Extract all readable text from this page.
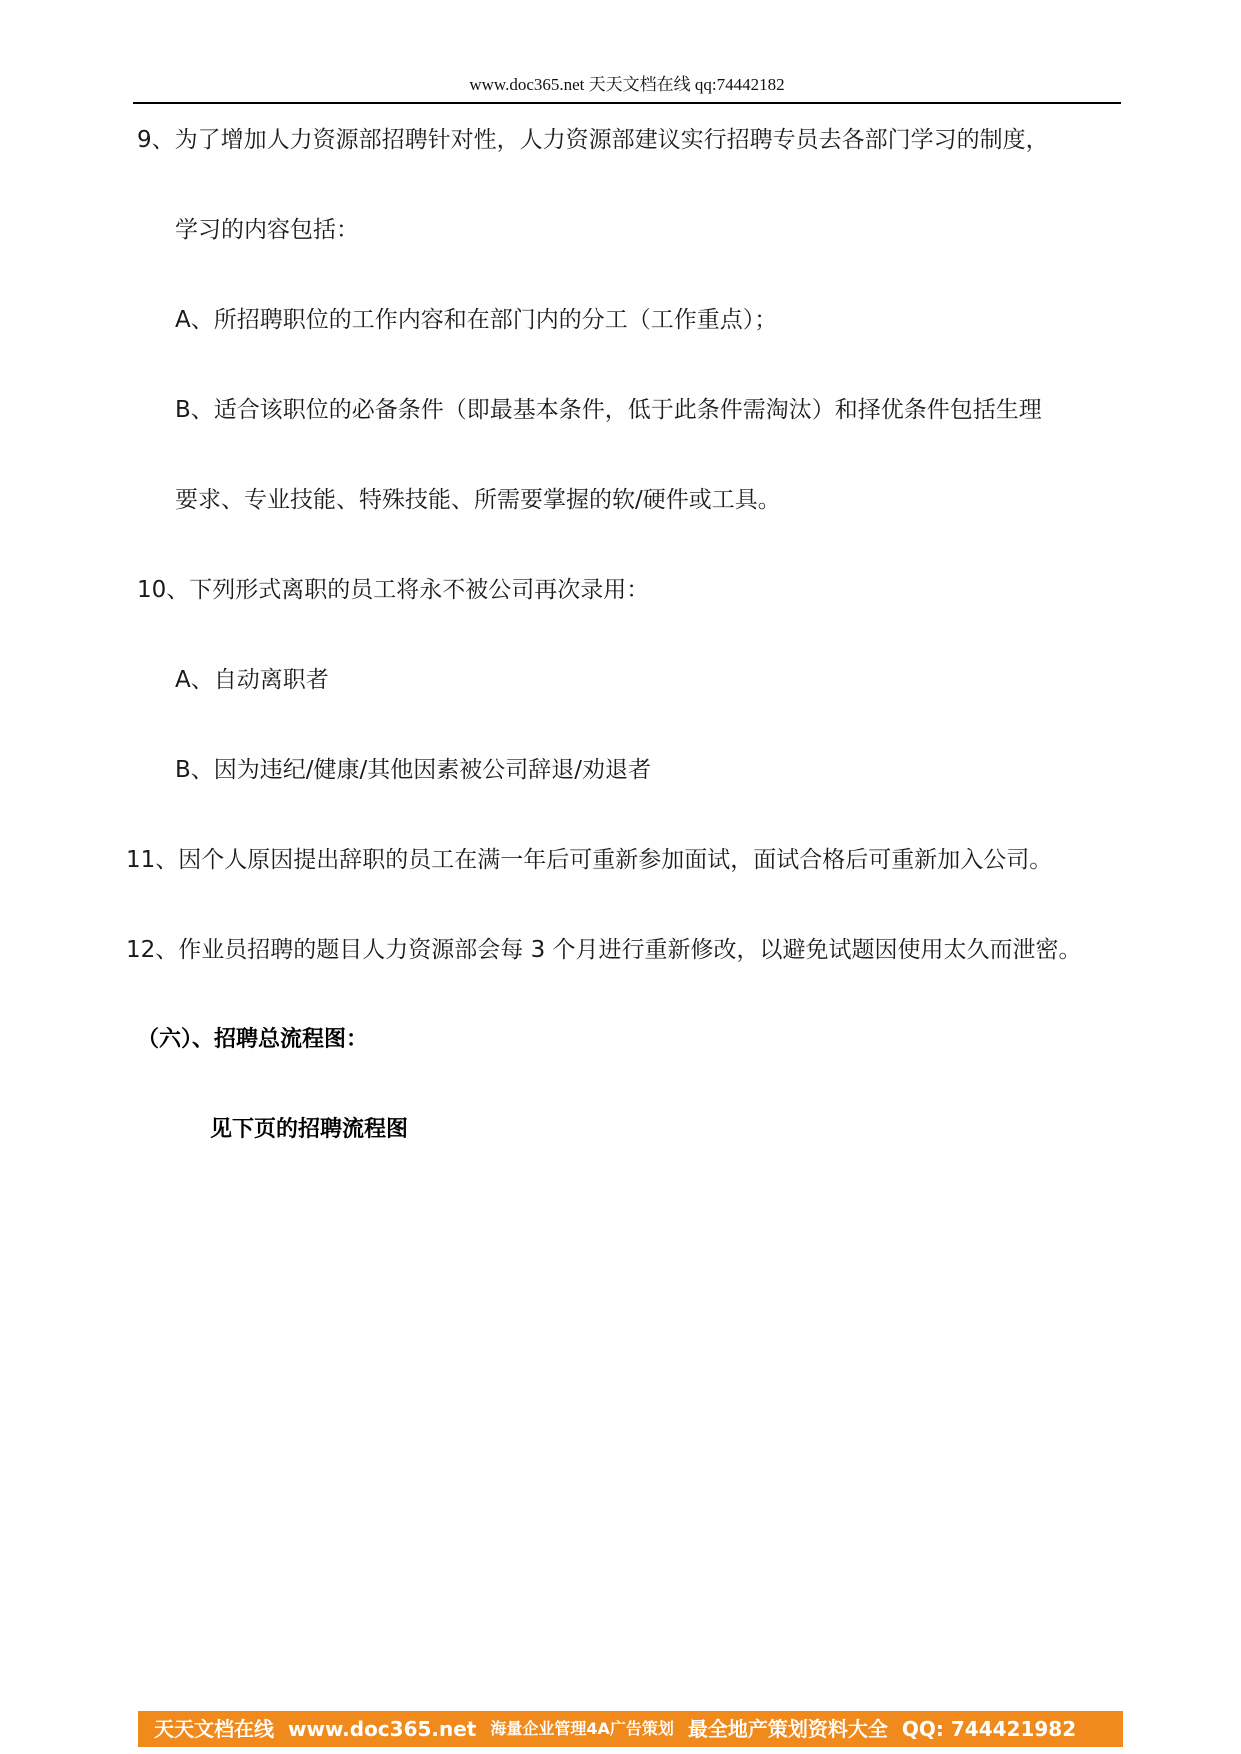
www.doc365.net 天天文档在线 qq:74442182
9、为了增加人力资源部招聘针对性，人力资源部建议实行招聘专员去各部门学习的制度，
学习的内容包括：
A、所招聘职位的工作内容和在部门内的分工（工作重点）；
B、适合该职位的必备条件（即最基本条件，低于此条件需淘汰）和择优条件包括生理
要求、专业技能、特殊技能、所需要掌握的软/硬件或工具。
10、下列形式离职的员工将永不被公司再次录用：
A、自动离职者
B、因为违纪/健康/其他因素被公司辞退/劝退者
11、因个人原因提出辞职的员工在满一年后可重新参加面试，面试合格后可重新加入公司。
12、作业员招聘的题目人力资源部会每 3 个月进行重新修改，以避免试题因使用太久而泄密。
（六）、招聘总流程图：
见下页的招聘流程图
天天文档在线 www.doc365.net 海量企业管理4A广告策划 最全地产策划资料大全 QQ: 744421982
